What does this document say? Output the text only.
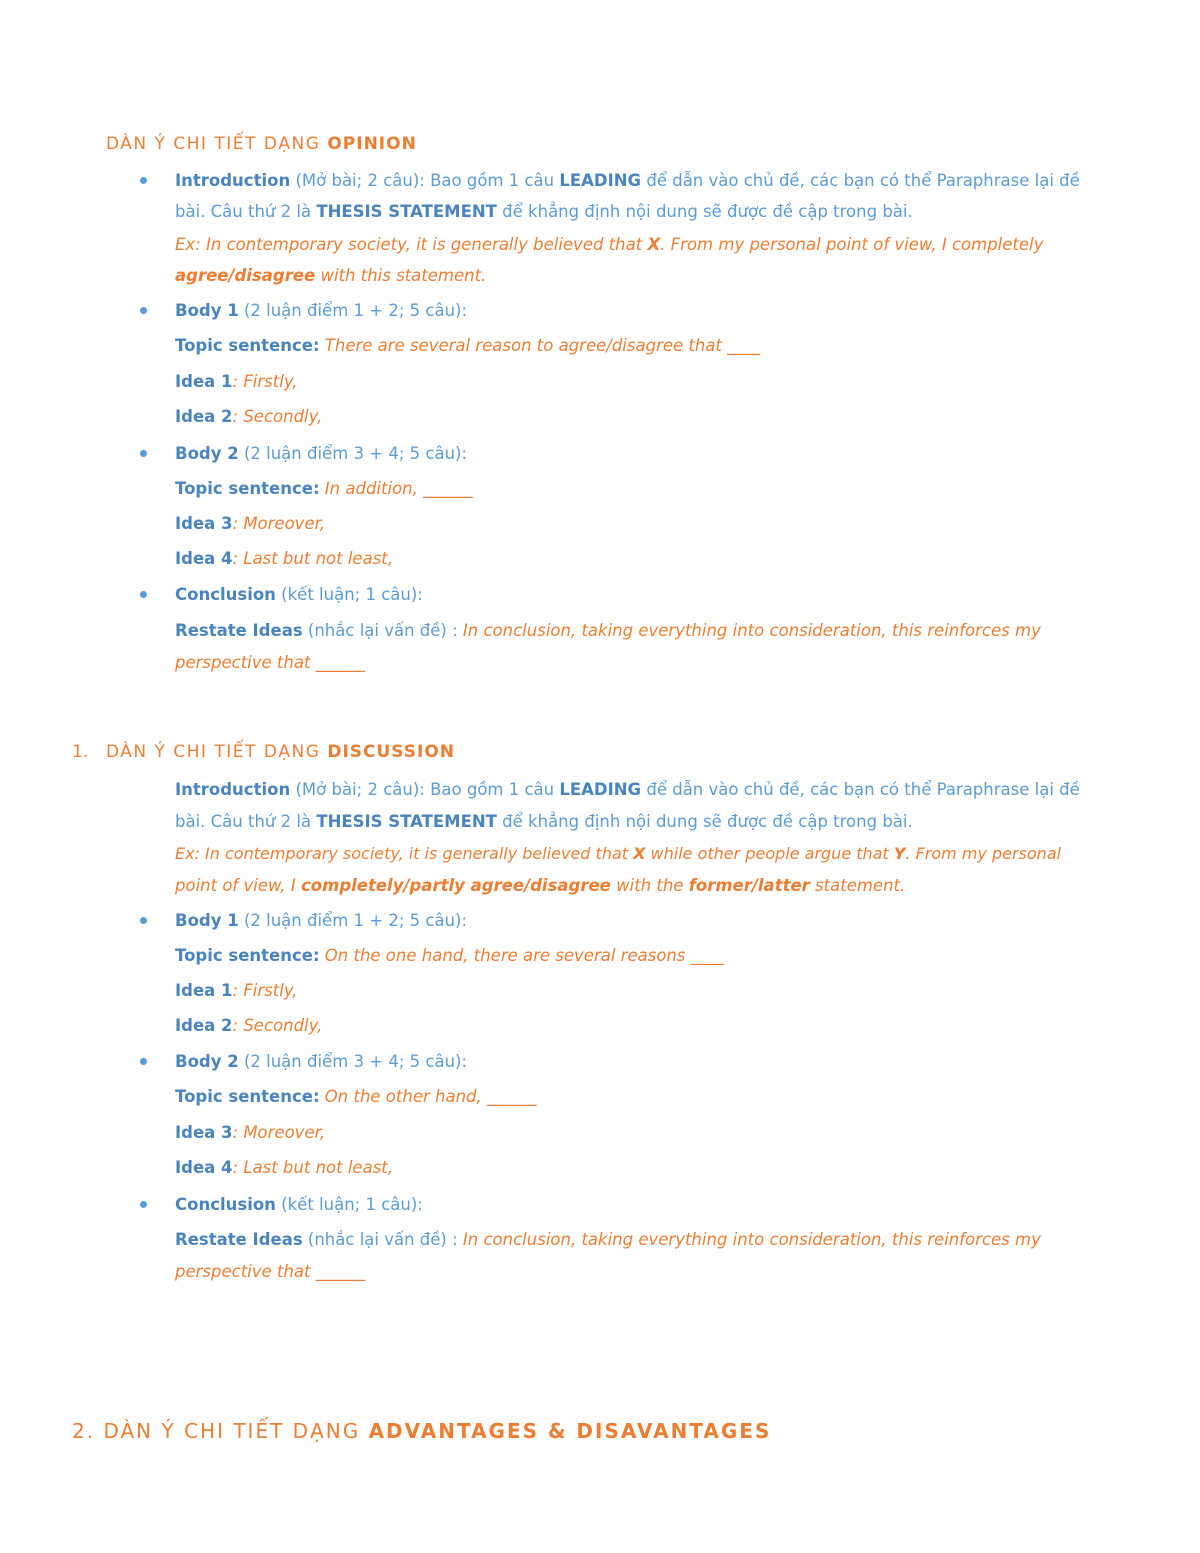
DÀN Ý CHI TIẾT DẠNG OPINION
Introduction (Mở bài; 2 câu): Bao gồm 1 câu LEADING để dẫn vào chủ đề, các bạn có thể Paraphrase lại đề
bài. Câu thứ 2 là THESIS STATEMENT để khẳng định nội dung sẽ được đề cập trong bài.
Ex: In contemporary society, it is generally believed that X. From my personal point of view, I completely
agree/disagree with this statement.
Body 1 (2 luận điểm 1 + 2; 5 câu):
Topic sentence: There are several reason to agree/disagree that ____
Idea 1: Firstly,
Idea 2: Secondly,
Body 2 (2 luận điểm 3 + 4; 5 câu):
Topic sentence: In addition, ______
Idea 3: Moreover,
Idea 4: Last but not least,
Conclusion (kết luận; 1 câu):
Restate Ideas (nhắc lại vấn đề) : In conclusion, taking everything into consideration, this reinforces my
perspective that ______
1. DÀN Ý CHI TIẾT DẠNG DISCUSSION
Introduction (Mở bài; 2 câu): Bao gồm 1 câu LEADING để dẫn vào chủ đề, các bạn có thể Paraphrase lại đề
bài. Câu thứ 2 là THESIS STATEMENT để khẳng định nội dung sẽ được đề cập trong bài.
Ex: In contemporary society, it is generally believed that X while other people argue that Y. From my personal
point of view, I completely/partly agree/disagree with the former/latter statement.
Body 1 (2 luận điểm 1 + 2; 5 câu):
Topic sentence: On the one hand, there are several reasons ____
Idea 1: Firstly,
Idea 2: Secondly,
Body 2 (2 luận điểm 3 + 4; 5 câu):
Topic sentence: On the other hand, ______
Idea 3: Moreover,
Idea 4: Last but not least,
Conclusion (kết luận; 1 câu):
Restate Ideas (nhắc lại vấn đề) : In conclusion, taking everything into consideration, this reinforces my
perspective that ______
2. DÀN Ý CHI TIẾT DẠNG ADVANTAGES & DISAVANTAGES
